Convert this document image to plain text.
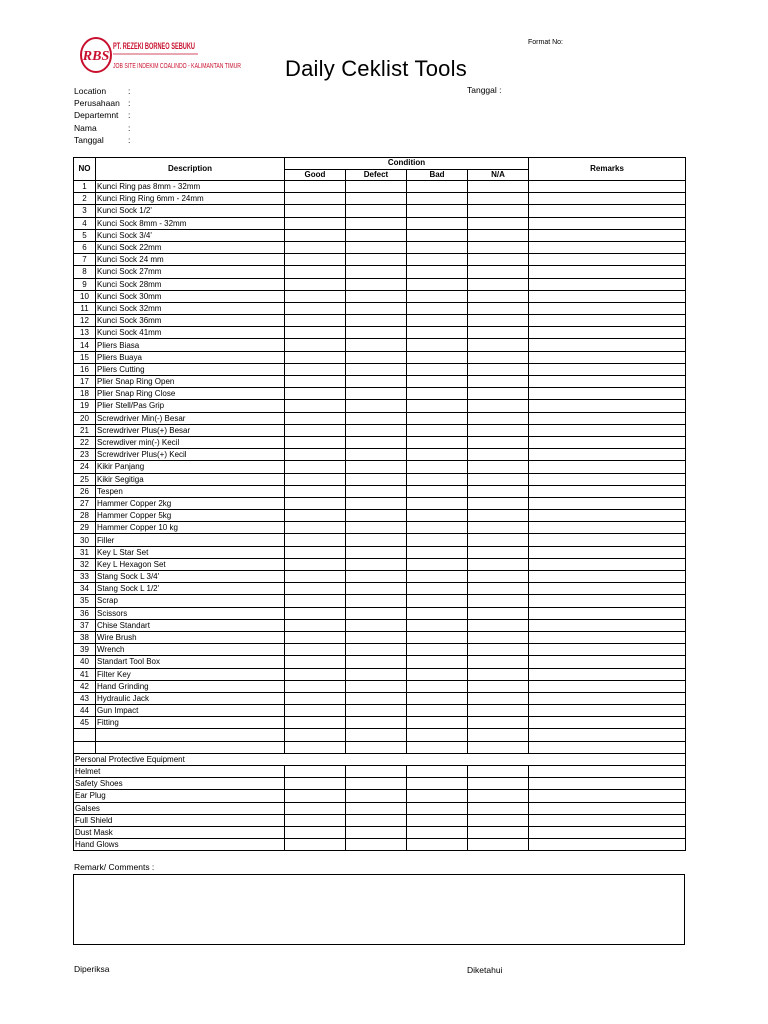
RBS
PT. REZEKI BORNEO SEBUKU
JOB SITE INDEKIM COALINDO - KALIMANTAN TIMUR
Format No:
Daily Ceklist Tools
Location	:
Perusahaan :
Departemnt :
Nama	:
Tanggal	:
Tanggal :
NO	Description	Condition				Remarks
		Good	Defect	Bad	N/A	
1	Kunci Ring pas 8mm - 32mm					
2	Kunci Ring Ring 6mm - 24mm					
3	Kunci Sock 1/2'					
4	Kunci Sock 8mm - 32mm					
5	Kunci Sock 3/4'					
6	Kunci Sock 22mm					
7	Kunci Sock 24 mm					
8	Kunci Sock 27mm					
9	Kunci Sock 28mm					
10	Kunci Sock 30mm					
11	Kunci Sock 32mm					
12	Kunci Sock 36mm					
13	Kunci Sock 41mm					
14	Pliers Biasa					
15	Pliers Buaya					
16	Pliers Cutting					
17	Plier Snap Ring Open					
18	Plier Snap Ring Close					
19	Plier Stell/Pas Grip					
20	Screwdriver Min(-) Besar					
21	Screwdriver Plus(+) Besar					
22	Screwdiver min(-) Kecil					
23	Screwdriver Plus(+) Kecil					
24	Kikir Panjang					
25	Kikir Segitiga					
26	Tespen					
27	Hammer Copper 2kg					
28	Hammer Copper 5kg					
29	Hammer Copper 10 kg					
30	Filler					
31	Key L Star Set					
32	Key L Hexagon Set					
33	Stang Sock L 3/4'					
34	Stang Sock L 1/2'					
35	Scrap					
36	Scissors					
37	Chise Standart					
38	Wire Brush					
39	Wrench					
40	Standart Tool Box					
41	Filter Key					
42	Hand Grinding					
43	Hydraulic Jack					
44	Gun Impact					
45	Fitting					

Personal Protective Equipment						
Helmet						
Safety Shoes						
Ear Plug						
Galses						
Full Shield						
Dust Mask						
Hand Glows						
Remark/ Comments :
Diperiksa	Diketahui
